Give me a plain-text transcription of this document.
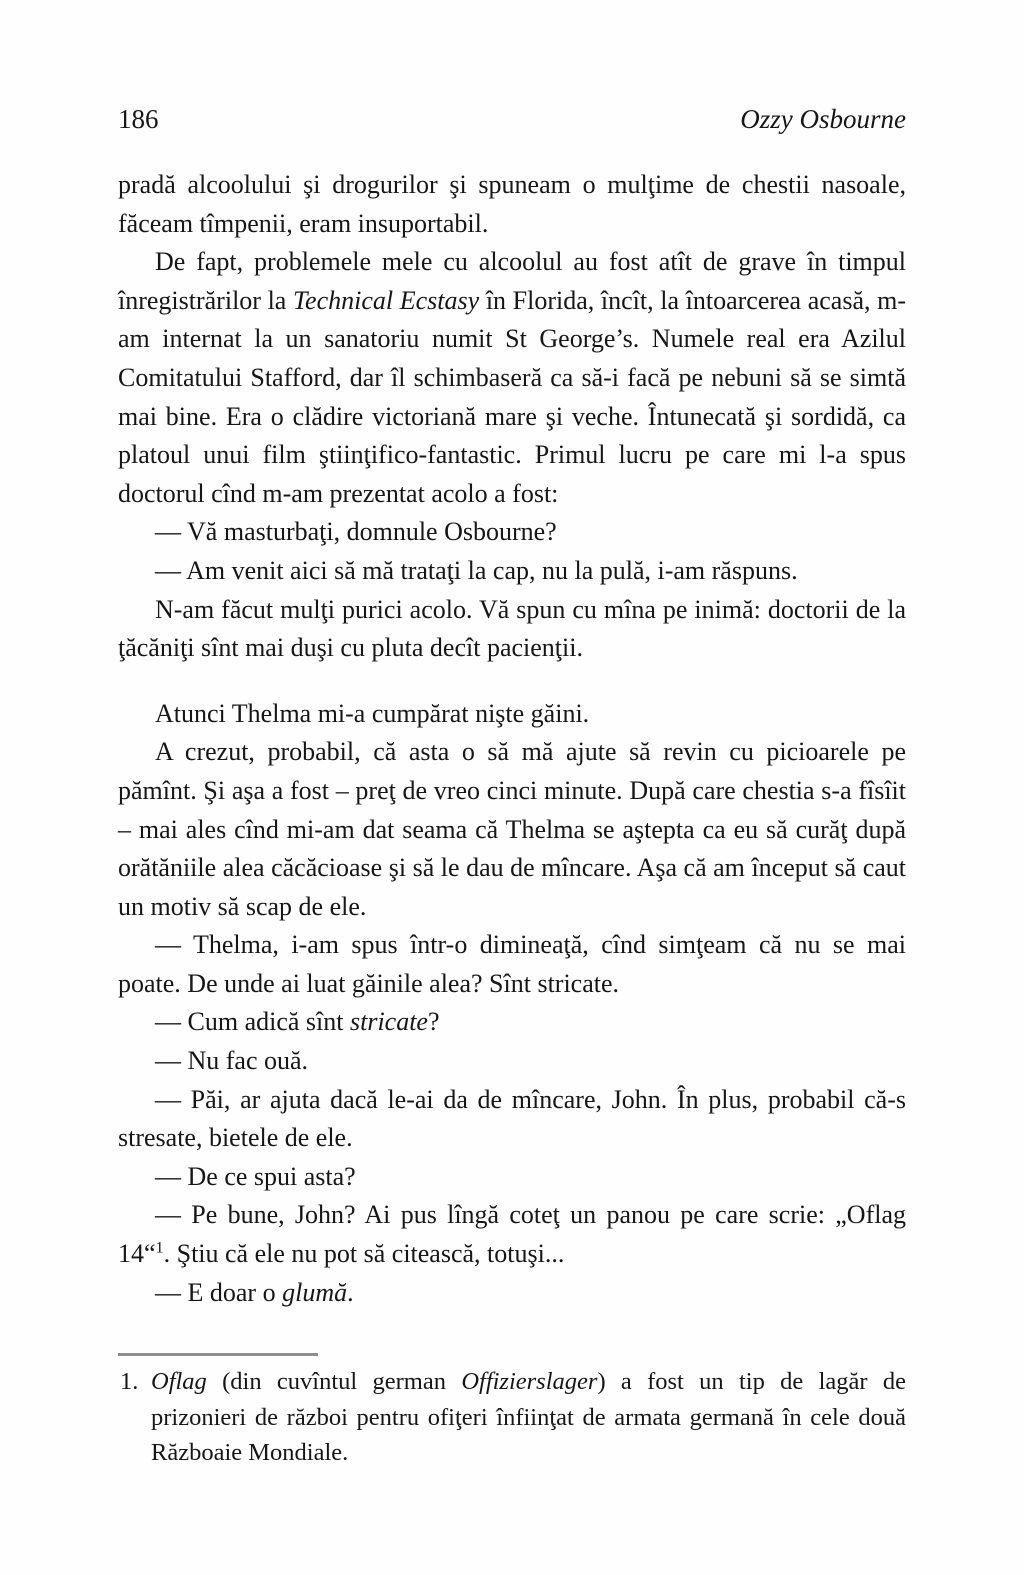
186	Ozzy Osbourne

pradă alcoolului şi drogurilor şi spuneam o mulţime de chestii nasoale, făceam tîmpenii, eram insuportabil.

De fapt, problemele mele cu alcoolul au fost atît de grave în timpul înregistrărilor la Technical Ecstasy în Florida, încît, la întoarcerea acasă, m-am internat la un sanatoriu numit St George’s. Numele real era Azilul Comitatului Stafford, dar îl schimbaseră ca să-i facă pe nebuni să se simtă mai bine. Era o clădire victoriană mare şi veche. Întunecată şi sordidă, ca platoul unui film ştiinţifico-fantastic. Primul lucru pe care mi l-a spus doctorul cînd m-am prezentat acolo a fost:

— Vă masturbaţi, domnule Osbourne?

— Am venit aici să mă trataţi la cap, nu la pulă, i-am răspuns.

N-am făcut mulţi purici acolo. Vă spun cu mîna pe inimă: doctorii de la ţăcăniţi sînt mai duşi cu pluta decît pacienţii.

Atunci Thelma mi-a cumpărat nişte găini.

A crezut, probabil, că asta o să mă ajute să revin cu picioarele pe pămînt. Şi aşa a fost – preţ de vreo cinci minute. După care chestia s-a fîsîit – mai ales cînd mi-am dat seama că Thelma se aştepta ca eu să curăţ după orătăniile alea căcăcioase şi să le dau de mîncare. Aşa că am început să caut un motiv să scap de ele.

— Thelma, i-am spus într-o dimineaţă, cînd simţeam că nu se mai poate. De unde ai luat găinile alea? Sînt stricate.

— Cum adică sînt stricate?

— Nu fac ouă.

— Păi, ar ajuta dacă le-ai da de mîncare, John. În plus, probabil că-s stresate, bietele de ele.

— De ce spui asta?

— Pe bune, John? Ai pus lîngă coteţ un panou pe care scrie: „Oflag 14“$^1$. Ştiu că ele nu pot să citească, totuşi...

— E doar o glumă.

1. Oflag (din cuvîntul german Offizierslager) a fost un tip de lagăr de prizonieri de război pentru ofiţeri înfiinţat de armata germană în cele două Războaie Mondiale.
